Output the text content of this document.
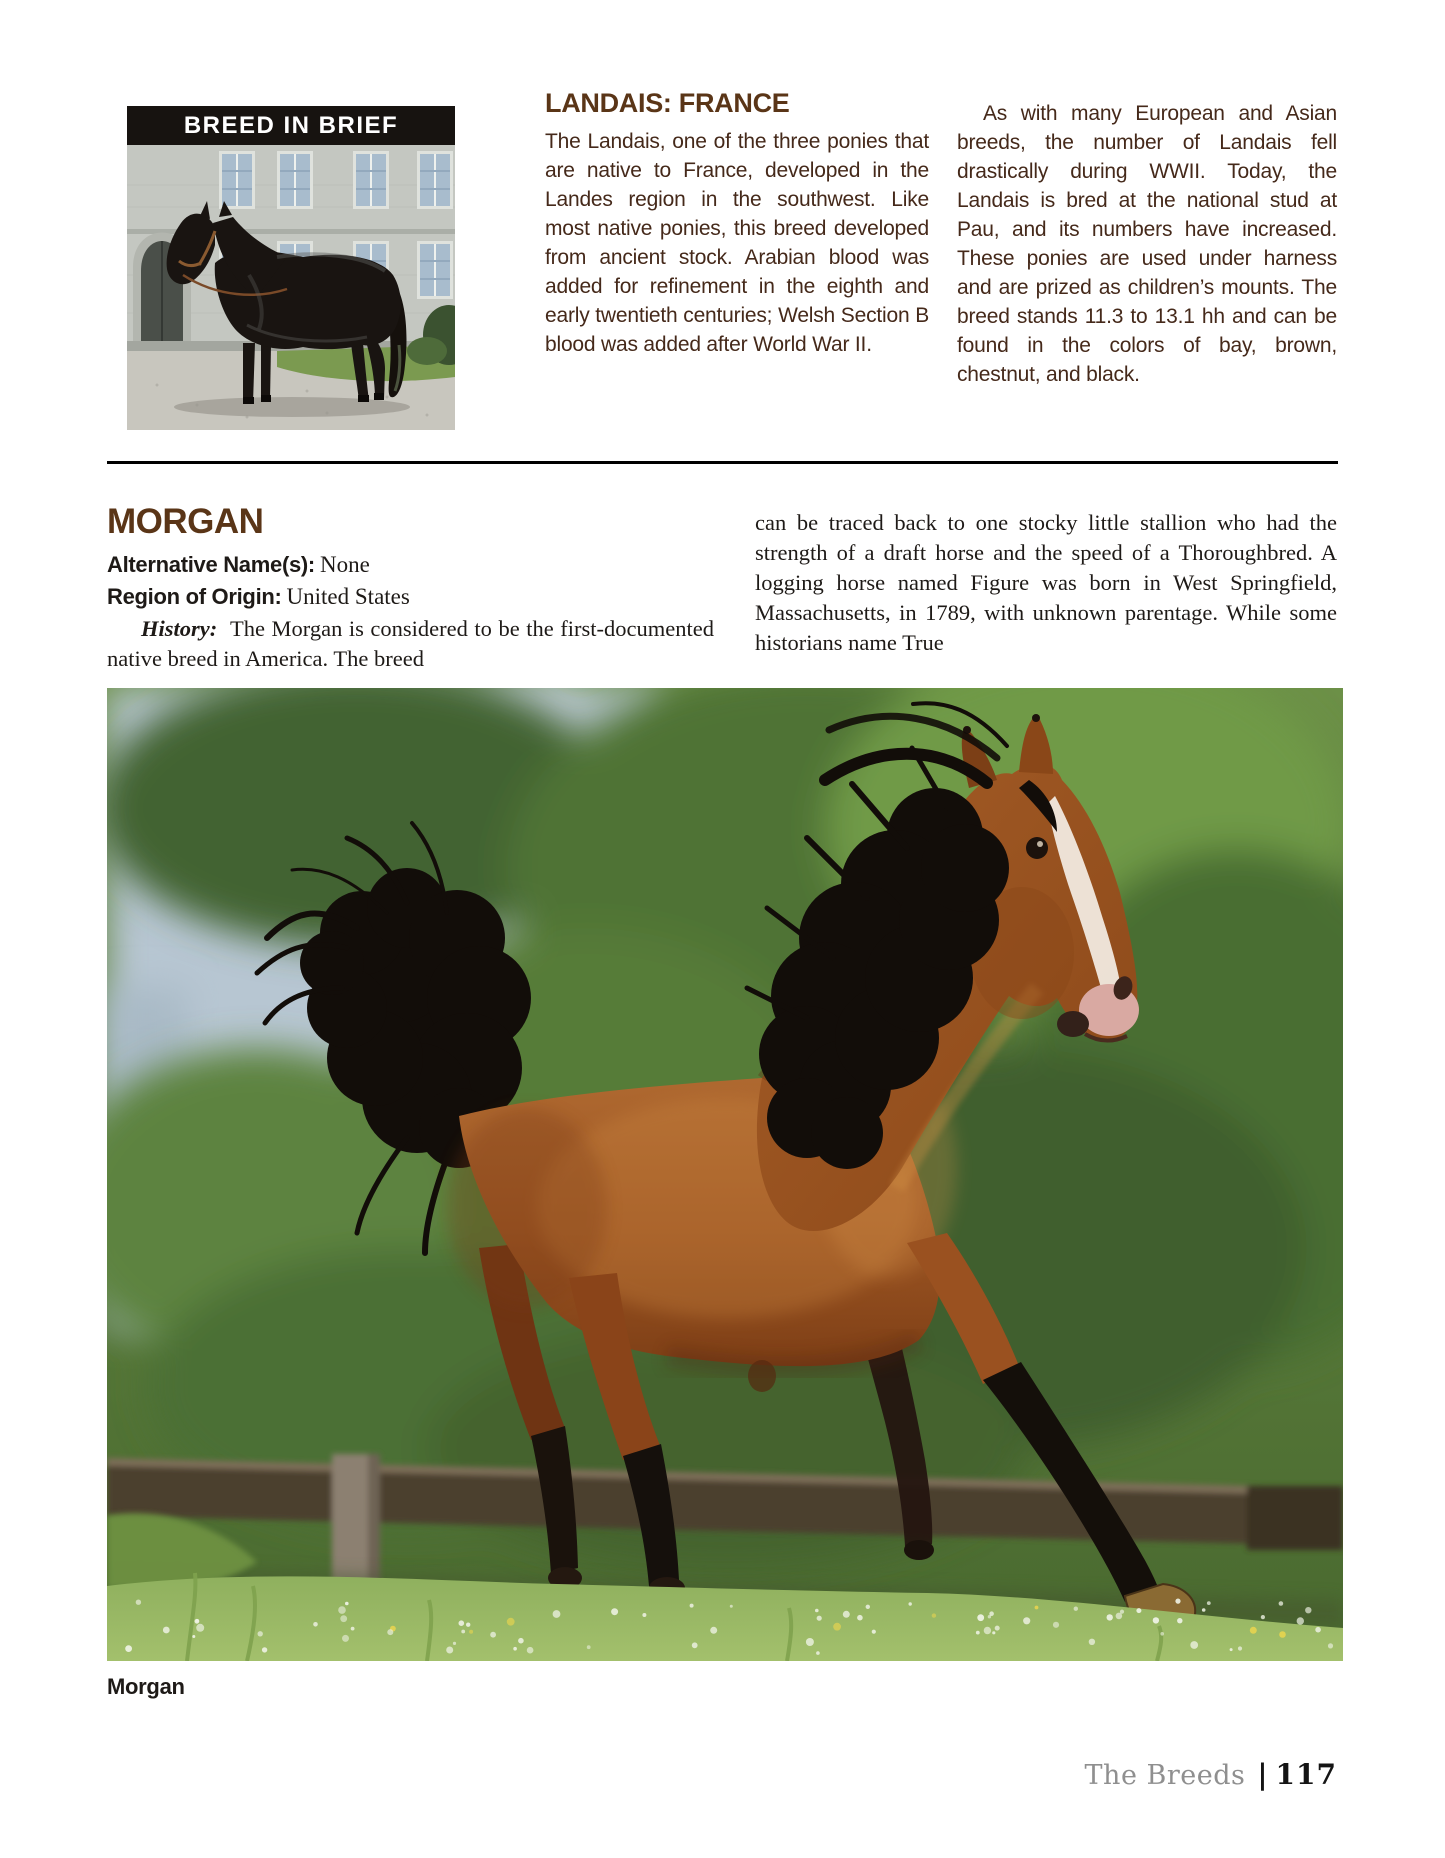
BREED IN BRIEF
LANDAIS: FRANCE

The Landais, one of the three ponies that are native to France, developed in the Landes region in the southwest. Like most native ponies, this breed developed from ancient stock. Arabian blood was added for refinement in the eighth and early twentieth centuries; Welsh Section B blood was added after World War II.

As with many European and Asian breeds, the number of Landais fell drastically during WWII. Today, the Landais is bred at the national stud at Pau, and its numbers have increased. These ponies are used under harness and are prized as children’s mounts. The breed stands 11.3 to 13.1 hh and can be found in the colors of bay, brown, chestnut, and black.

MORGAN

Alternative Name(s): None

Region of Origin: United States

History: The Morgan is considered to be the first-documented native breed in America. The breed

can be traced back to one stocky little stallion who had the strength of a draft horse and the speed of a Thoroughbred. A logging horse named Figure was born in West Springfield, Massachusetts, in 1789, with unknown parentage. While some historians name True

Morgan
The Breeds | 117
